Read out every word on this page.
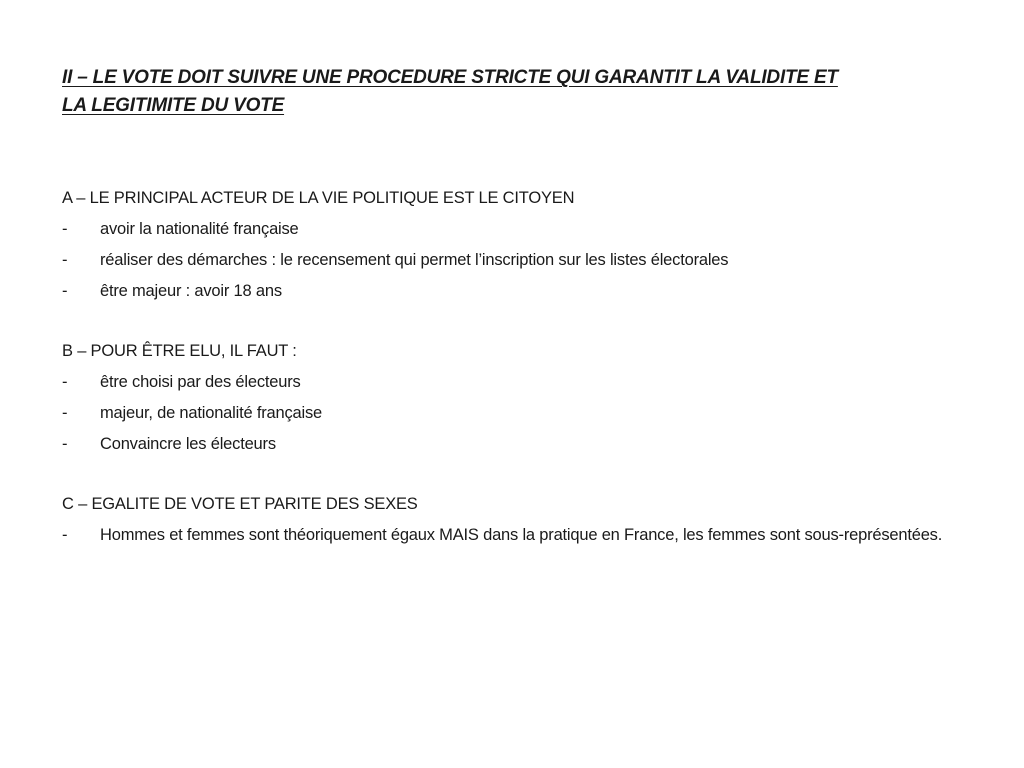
II – LE VOTE DOIT SUIVRE UNE PROCEDURE STRICTE QUI GARANTIT LA VALIDITE ET
LA LEGITIMITE DU VOTE
A – LE PRINCIPAL ACTEUR DE LA VIE POLITIQUE EST LE CITOYEN
-	avoir la nationalité française
-	réaliser des démarches : le recensement qui permet l’inscription sur les listes électorales
-	être majeur : avoir 18 ans
B – POUR ÊTRE ELU, IL FAUT :
-	être choisi par des électeurs
-	majeur, de nationalité française
-	Convaincre les électeurs
C – EGALITE DE VOTE ET PARITE DES SEXES
-	Hommes et femmes sont théoriquement égaux MAIS dans la pratique en France, les femmes sont sous-représentées.
